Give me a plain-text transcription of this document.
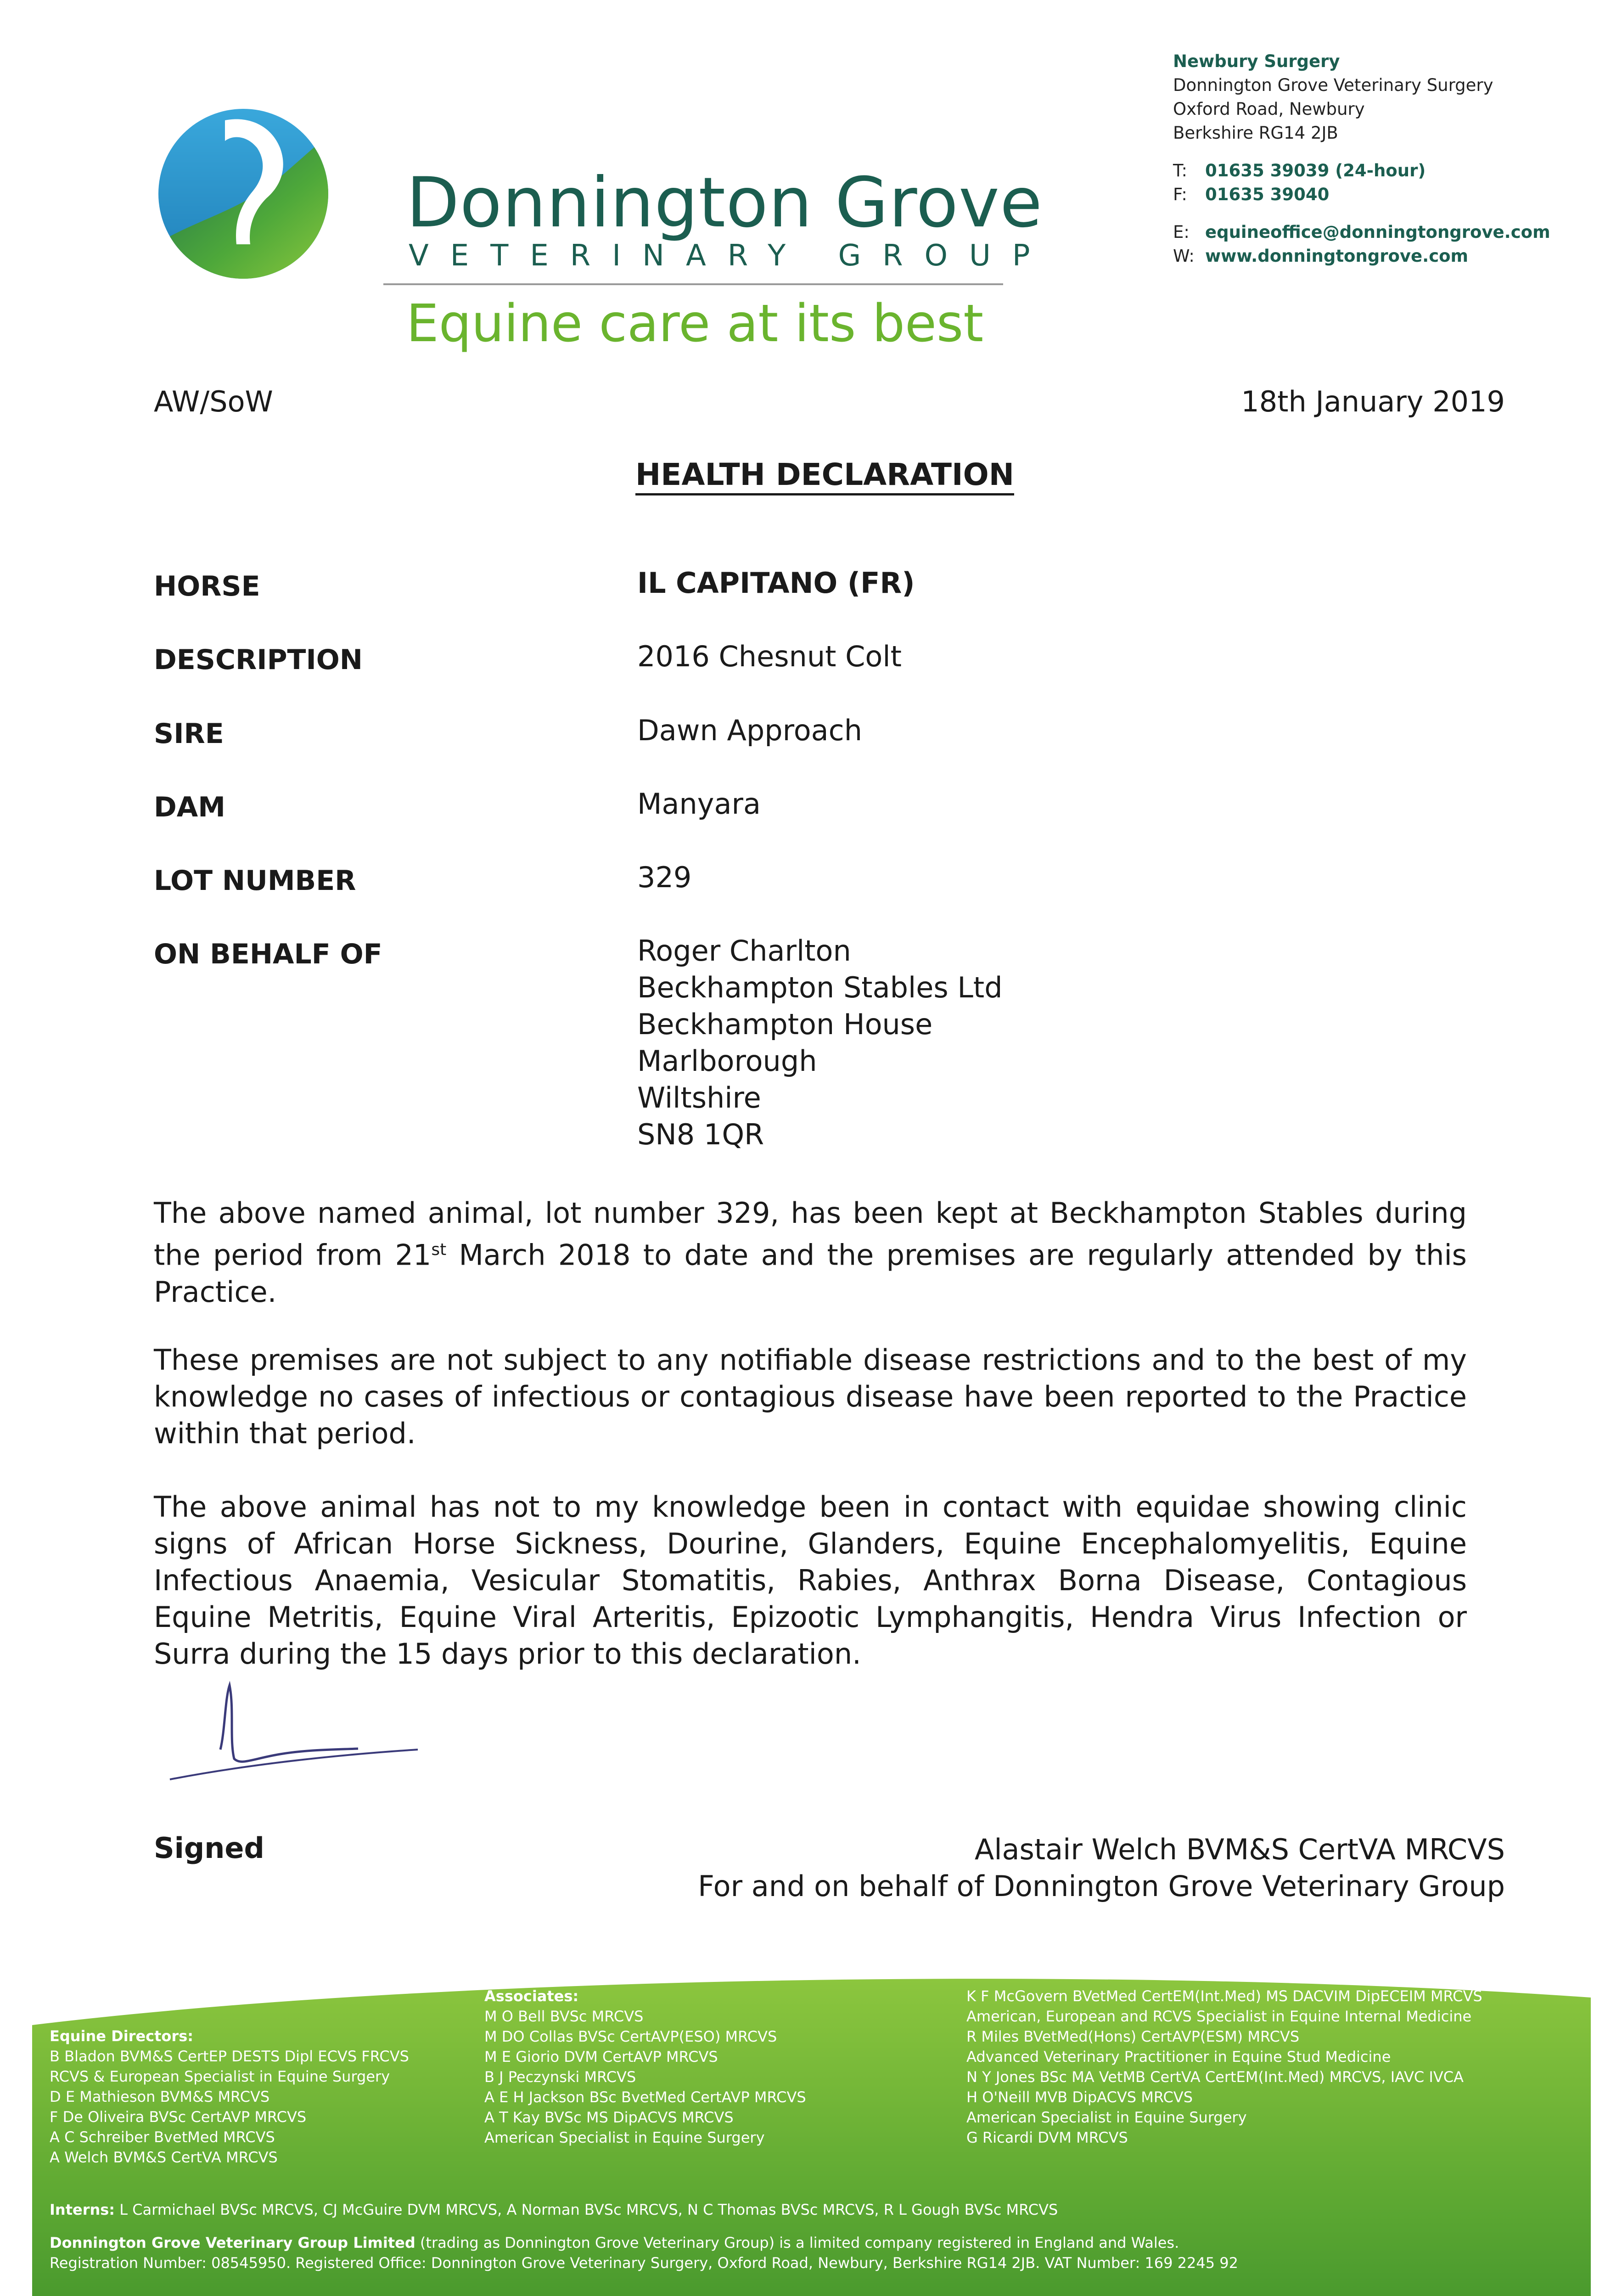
Newbury Surgery
Donnington Grove Veterinary Surgery
Oxford Road, Newbury
Berkshire RG14 2JB
T: 01635 39039 (24-hour)
F: 01635 39040
E: equineoffice@donningtongrove.com
W: www.donningtongrove.com
Donnington Grove
VETERINARY GROUP
Equine care at its best
AW/SoW	18th January 2019
HEALTH DECLARATION
HORSE	IL CAPITANO (FR)
DESCRIPTION	2016 Chesnut Colt
SIRE	Dawn Approach
DAM	Manyara
LOT NUMBER	329
ON BEHALF OF	Roger Charlton
Beckhampton Stables Ltd
Beckhampton House
Marlborough
Wiltshire
SN8 1QR
The above named animal, lot number 329, has been kept at Beckhampton Stables during the period from 21st March 2018 to date and the premises are regularly attended by this Practice.
These premises are not subject to any notifiable disease restrictions and to the best of my knowledge no cases of infectious or contagious disease have been reported to the Practice within that period.
The above animal has not to my knowledge been in contact with equidae showing clinic signs of African Horse Sickness, Dourine, Glanders, Equine Encephalomyelitis, Equine Infectious Anaemia, Vesicular Stomatitis, Rabies, Anthrax Borna Disease, Contagious Equine Metritis, Equine Viral Arteritis, Epizootic Lymphangitis, Hendra Virus Infection or Surra during the 15 days prior to this declaration.
Signed	Alastair Welch BVM&S CertVA MRCVS
For and on behalf of Donnington Grove Veterinary Group
Equine Directors:
B Bladon BVM&S CertEP DESTS Dipl ECVS FRCVS
RCVS & European Specialist in Equine Surgery
D E Mathieson BVM&S MRCVS
F De Oliveira BVSc CertAVP MRCVS
A C Schreiber BvetMed MRCVS
A Welch BVM&S CertVA MRCVS
Associates:
M O Bell BVSc MRCVS
M DO Collas BVSc CertAVP(ESO) MRCVS
M E Giorio DVM CertAVP MRCVS
B J Peczynski MRCVS
A E H Jackson BSc BvetMed CertAVP MRCVS
A T Kay BVSc MS DipACVS MRCVS
American Specialist in Equine Surgery
K F McGovern BVetMed CertEM(Int.Med) MS DACVIM DipECEIM MRCVS
American, European and RCVS Specialist in Equine Internal Medicine
R Miles BVetMed(Hons) CertAVP(ESM) MRCVS
Advanced Veterinary Practitioner in Equine Stud Medicine
N Y Jones BSc MA VetMB CertVA CertEM(Int.Med) MRCVS, IAVC IVCA
H O'Neill MVB DipACVS MRCVS
American Specialist in Equine Surgery
G Ricardi DVM MRCVS
Interns: L Carmichael BVSc MRCVS, CJ McGuire DVM MRCVS, A Norman BVSc MRCVS, N C Thomas BVSc MRCVS, R L Gough BVSc MRCVS
Donnington Grove Veterinary Group Limited (trading as Donnington Grove Veterinary Group) is a limited company registered in England and Wales.
Registration Number: 08545950. Registered Office: Donnington Grove Veterinary Surgery, Oxford Road, Newbury, Berkshire RG14 2JB. VAT Number: 169 2245 92
